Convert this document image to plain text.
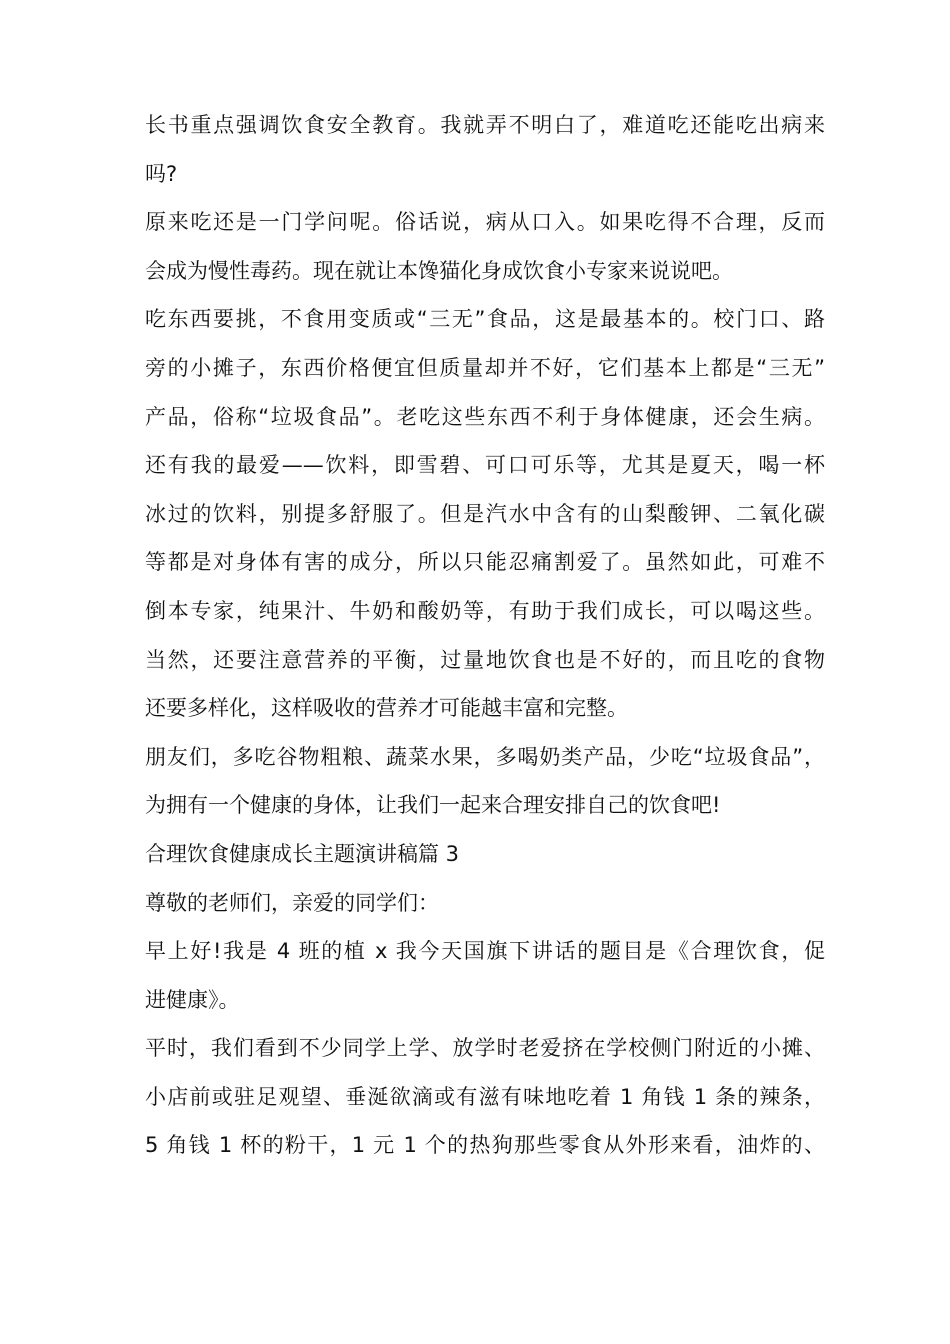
长书重点强调饮食安全教育。我就弄不明白了，难道吃还能吃出病来
吗?
原来吃还是一门学问呢。俗话说，病从口入。如果吃得不合理，反而
会成为慢性毒药。现在就让本馋猫化身成饮食小专家来说说吧。
吃东西要挑，不食用变质或“三无”食品，这是最基本的。校门口、路
旁的小摊子，东西价格便宜但质量却并不好，它们基本上都是“三无”
产品，俗称“垃圾食品”。老吃这些东西不利于身体健康，还会生病。
还有我的最爱——饮料，即雪碧、可口可乐等，尤其是夏天，喝一杯
冰过的饮料，别提多舒服了。但是汽水中含有的山梨酸钾、二氧化碳
等都是对身体有害的成分，所以只能忍痛割爱了。虽然如此，可难不
倒本专家，纯果汁、牛奶和酸奶等，有助于我们成长，可以喝这些。
当然，还要注意营养的平衡，过量地饮食也是不好的，而且吃的食物
还要多样化，这样吸收的营养才可能越丰富和完整。
朋友们，多吃谷物粗粮、蔬菜水果，多喝奶类产品，少吃“垃圾食品”，
为拥有一个健康的身体，让我们一起来合理安排自己的饮食吧!
合理饮食健康成长主题演讲稿篇 3
尊敬的老师们，亲爱的同学们：
早上好!我是 4 班的植 x 我今天国旗下讲话的题目是《合理饮食，促
进健康》。
平时，我们看到不少同学上学、放学时老爱挤在学校侧门附近的小摊、
小店前或驻足观望、垂涎欲滴或有滋有味地吃着 1 角钱 1 条的辣条，
5 角钱 1 杯的粉干，1 元 1 个的热狗那些零食从外形来看，油炸的、
